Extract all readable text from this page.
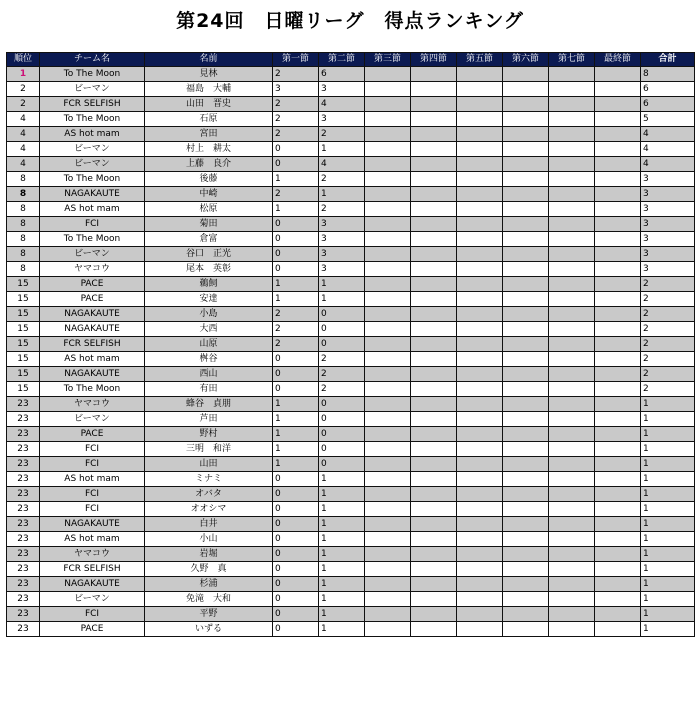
第24回　日曜リーグ　得点ランキング
順位	チーム名	名前	第一節	第二節	第三節	第四節	第五節	第六節	第七節	最終節	合計
1	To The Moon	見林	2	6							8
2	ビーマン	福島　大輔	3	3							6
2	FCR SELFISH	山田　晋史	2	4							6
4	To The Moon	石原	2	3							5
4	AS hot mam	宮田	2	2							4
4	ビーマン	村上　耕太	0	1							4
4	ビーマン	上藤　良介	0	4							4
8	To The Moon	後藤	1	2							3
8	NAGAKAUTE	中崎	2	1							3
8	AS hot mam	松原	1	2							3
8	FCI	菊田	0	3							3
8	To The Moon	倉富	0	3							3
8	ビーマン	谷口　正光	0	3							3
8	ヤマコウ	尾本　英彰	0	3							3
15	PACE	鵜飼	1	1							2
15	PACE	安達	1	1							2
15	NAGAKAUTE	小島	2	0							2
15	NAGAKAUTE	大西	2	0							2
15	FCR SELFISH	山原	2	0							2
15	AS hot mam	桝谷	0	2							2
15	NAGAKAUTE	西山	0	2							2
15	To The Moon	有田	0	2							2
23	ヤマコウ	蜂谷　貞朋	1	0							1
23	ビーマン	芦田	1	0							1
23	PACE	野村	1	0							1
23	FCI	三明　和洋	1	0							1
23	FCI	山田	1	0							1
23	AS hot mam	ミナミ	0	1							1
23	FCI	オバタ	0	1							1
23	FCI	オオシマ	0	1							1
23	NAGAKAUTE	白井	0	1							1
23	AS hot mam	小山	0	1							1
23	ヤマコウ	岩堀	0	1							1
23	FCR SELFISH	久野　真	0	1							1
23	NAGAKAUTE	杉浦	0	1							1
23	ビーマン	免滝　大和	0	1							1
23	FCI	平野	0	1							1
23	PACE	いずる	0	1							1
